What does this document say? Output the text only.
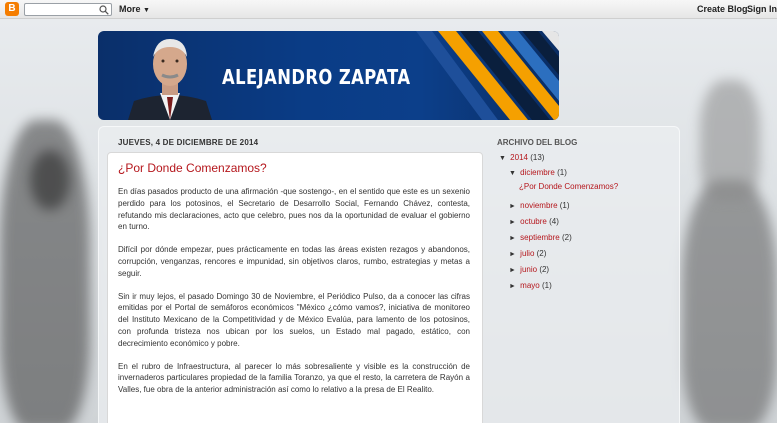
B	More ▼	Create Blog Sign In
ALEJANDRO ZAPATA
JUEVES, 4 DE DICIEMBRE DE 2014
¿Por Donde Comenzamos?

En días pasados producto de una afirmación -que sostengo-, en el sentido que este es un sexenio perdido para los potosinos, el Secretario de Desarrollo Social, Fernando Chávez, contesta, refutando mis declaraciones, acto que celebro, pues nos da la oportunidad de evaluar el gobierno en turno.

Difícil por dónde empezar, pues prácticamente en todas las áreas existen rezagos y abandonos, corrupción, venganzas, rencores e impunidad, sin objetivos claros, rumbo, estrategias y metas a seguir.

Sin ir muy lejos, el pasado Domingo 30 de Noviembre, el Periódico Pulso, da a conocer las cifras emitidas por el Portal de semáforos económicos "México ¿cómo vamos?, iniciativa de monitoreo del Instituto Mexicano de la Competitividad y de México Evalúa, para lamento de los potosinos, con profunda tristeza nos ubican por los suelos, un Estado mal pagado, estático, con decrecimiento económico y pobre.

En el rubro de Infraestructura, al parecer lo más sobresaliente y visible es la construcción de invernaderos particulares propiedad de la familia Toranzo, ya que el resto, la carretera de Rayón a Valles, fue obra de la anterior administración así como lo relativo a la presa de El Realito.

ARCHIVO DEL BLOG
▼ 2014 (13)
▼ diciembre (1)
¿Por Donde Comenzamos?
► noviembre (1)
► octubre (4)
► septiembre (2)
► julio (2)
► junio (2)
► mayo (1)
